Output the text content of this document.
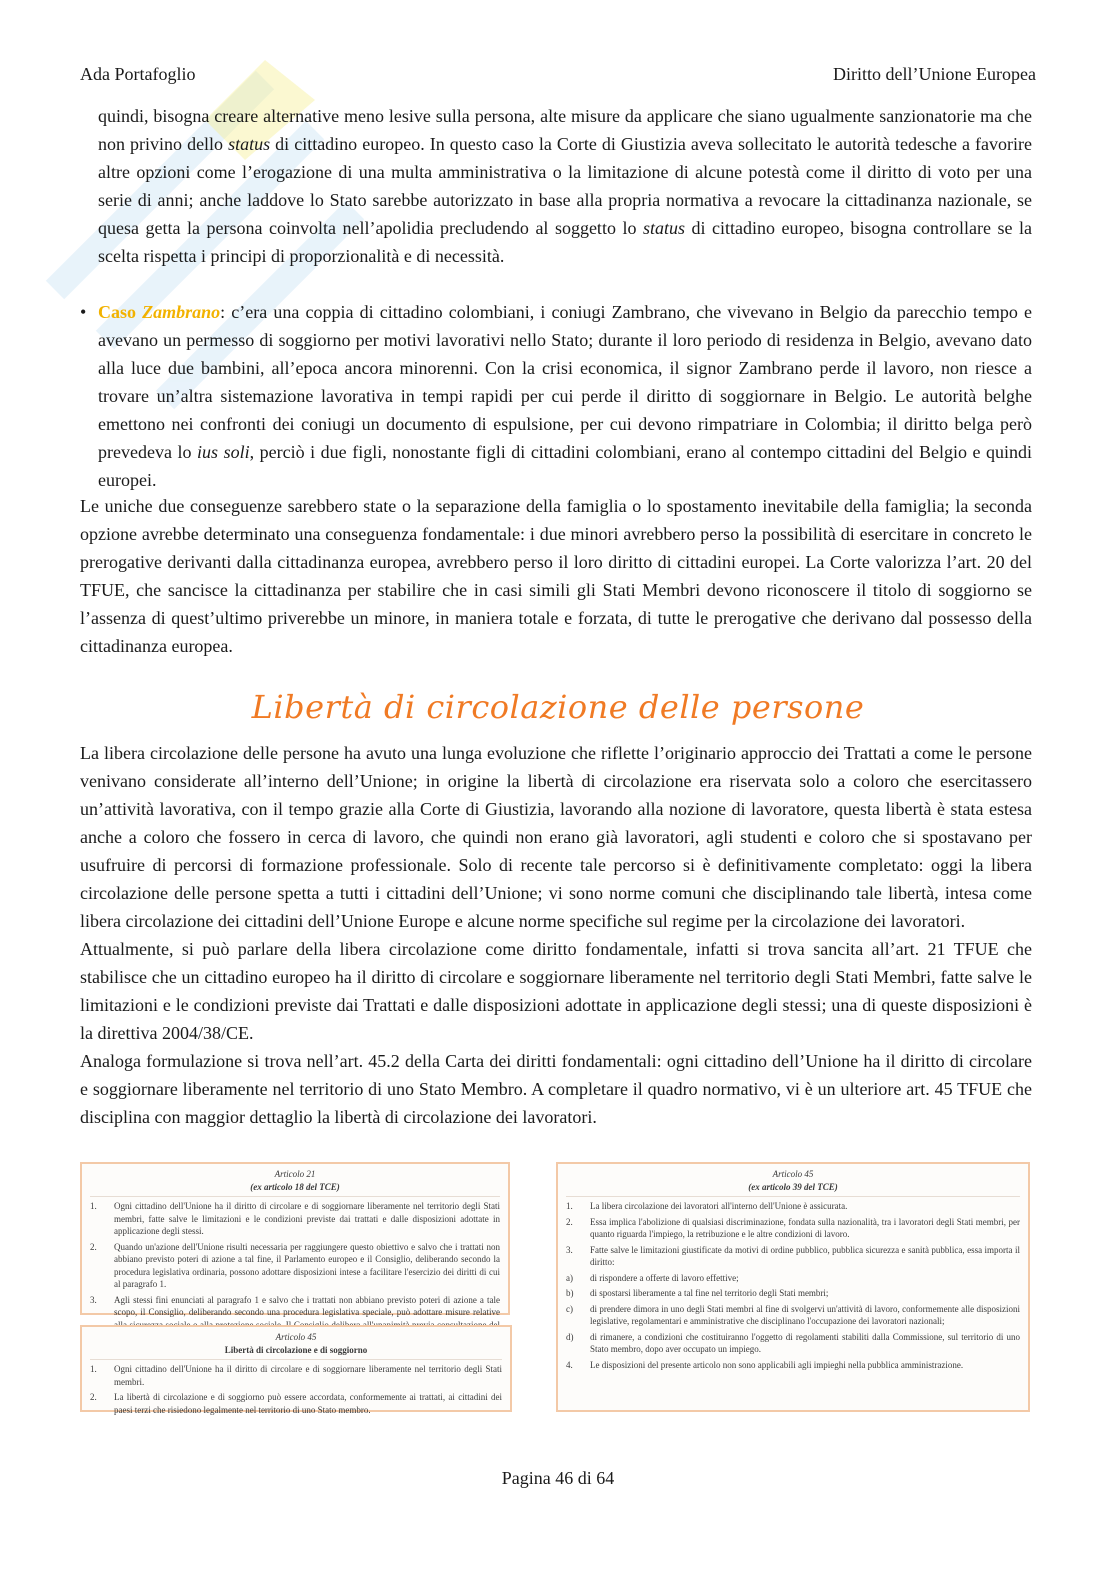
Ada Portafoglio	Diritto dell’Unione Europea

quindi, bisogna creare alternative meno lesive sulla persona, alte misure da applicare che siano ugualmente sanzionatorie ma che non privino dello status di cittadino europeo. In questo caso la Corte di Giustizia aveva sollecitato le autorità tedesche a favorire altre opzioni come l’erogazione di una multa amministrativa o la limitazione di alcune potestà come il diritto di voto per una serie di anni; anche laddove lo Stato sarebbe autorizzato in base alla propria normativa a revocare la cittadinanza nazionale, se quesa getta la persona coinvolta nell’apolidia precludendo al soggetto lo status di cittadino europeo, bisogna controllare se la scelta rispetta i principi di proporzionalità e di necessità.

• Caso Zambrano: c’era una coppia di cittadino colombiani, i coniugi Zambrano, che vivevano in Belgio da parecchio tempo e avevano un permesso di soggiorno per motivi lavorativi nello Stato; durante il loro periodo di residenza in Belgio, avevano dato alla luce due bambini, all’epoca ancora minorenni. Con la crisi economica, il signor Zambrano perde il lavoro, non riesce a trovare un’altra sistemazione lavorativa in tempi rapidi per cui perde il diritto di soggiornare in Belgio. Le autorità belghe emettono nei confronti dei coniugi un documento di espulsione, per cui devono rimpatriare in Colombia; il diritto belga però prevedeva lo ius soli, perciò i due figli, nonostante figli di cittadini colombiani, erano al contempo cittadini del Belgio e quindi europei.

Le uniche due conseguenze sarebbero state o la separazione della famiglia o lo spostamento inevitabile della famiglia; la seconda opzione avrebbe determinato una conseguenza fondamentale: i due minori avrebbero perso la possibilità di esercitare in concreto le prerogative derivanti dalla cittadinanza europea, avrebbero perso il loro diritto di cittadini europei. La Corte valorizza l’art. 20 del TFUE, che sancisce la cittadinanza per stabilire che in casi simili gli Stati Membri devono riconoscere il titolo di soggiorno se l’assenza di quest’ultimo priverebbe un minore, in maniera totale e forzata, di tutte le prerogative che derivano dal possesso della cittadinanza europea.

Libertà di circolazione delle persone

La libera circolazione delle persone ha avuto una lunga evoluzione che riflette l’originario approccio dei Trattati a come le persone venivano considerate all’interno dell’Unione; in origine la libertà di circolazione era riservata solo a coloro che esercitassero un’attività lavorativa, con il tempo grazie alla Corte di Giustizia, lavorando alla nozione di lavoratore, questa libertà è stata estesa anche a coloro che fossero in cerca di lavoro, che quindi non erano già lavoratori, agli studenti e coloro che si spostavano per usufruire di percorsi di formazione professionale. Solo di recente tale percorso si è definitivamente completato: oggi la libera circolazione delle persone spetta a tutti i cittadini dell’Unione; vi sono norme comuni che disciplinando tale libertà, intesa come libera circolazione dei cittadini dell’Unione Europe e alcune norme specifiche sul regime per la circolazione dei lavoratori.

Attualmente, si può parlare della libera circolazione come diritto fondamentale, infatti si trova sancita all’art. 21 TFUE che stabilisce che un cittadino europeo ha il diritto di circolare e soggiornare liberamente nel territorio degli Stati Membri, fatte salve le limitazioni e le condizioni previste dai Trattati e dalle disposizioni adottate in applicazione degli stessi; una di queste disposizioni è la direttiva 2004/38/CE.

Analoga formulazione si trova nell’art. 45.2 della Carta dei diritti fondamentali: ogni cittadino dell’Unione ha il diritto di circolare e soggiornare liberamente nel territorio di uno Stato Membro. A completare il quadro normativo, vi è un ulteriore art. 45 TFUE che disciplina con maggior dettaglio la libertà di circolazione dei lavoratori.

Articolo 21
(ex articolo 18 del TCE)
1.	Ogni cittadino dell'Unione ha il diritto di circolare e di soggiornare liberamente nel territorio degli Stati membri, fatte salve le limitazioni e le condizioni previste dai trattati e dalle disposizioni adottate in applicazione degli stessi.
2.	Quando un'azione dell'Unione risulti necessaria per raggiungere questo obiettivo e salvo che i trattati non abbiano previsto poteri di azione a tal fine, il Parlamento europeo e il Consiglio, deliberando secondo la procedura legislativa ordinaria, possono adottare disposizioni intese a facilitare l'esercizio dei diritti di cui al paragrafo 1.
3.	Agli stessi fini enunciati al paragrafo 1 e salvo che i trattati non abbiano previsto poteri di azione a tale scopo, il Consiglio, deliberando secondo una procedura legislativa speciale, può adottare misure relative
Articolo 45
Libertà di circolazione e di soggiorno
1.	Ogni cittadino dell'Unione ha il diritto di circolare e di soggiornare liberamente nel territorio degli Stati membri.
2.	La libertà di circolazione e di soggiorno può essere accordata, conformemente ai trattati, ai cittadini dei paesi terzi che risiedono legalmente nel territorio di uno Stato membro.
Articolo 45
(ex articolo 39 del TCE)
1.	La libera circolazione dei lavoratori all'interno dell'Unione è assicurata.
2.	Essa implica l'abolizione di qualsiasi discriminazione, fondata sulla nazionalità, tra i lavoratori degli Stati membri, per quanto riguarda l'impiego, la retribuzione e le altre condizioni di lavoro.
3.	Fatte salve le limitazioni giustificate da motivi di ordine pubblico, pubblica sicurezza e sanità pubblica, essa importa il diritto:
a)	di rispondere a offerte di lavoro effettive;
b)	di spostarsi liberamente a tal fine nel territorio degli Stati membri;
c)	di prendere dimora in uno degli Stati membri al fine di svolgervi un'attività di lavoro, conformemente alle disposizioni legislative, regolamentari e amministrative che disciplinano l'occupazione dei lavoratori nazionali;
d)	di rimanere, a condizioni che costituiranno l'oggetto di regolamenti stabiliti dalla Commissione, sul territorio di uno Stato membro, dopo aver occupato un impiego.
4.	Le disposizioni del presente articolo non sono applicabili agli impieghi nella pubblica amministrazione.
Pagina 46 di 64
